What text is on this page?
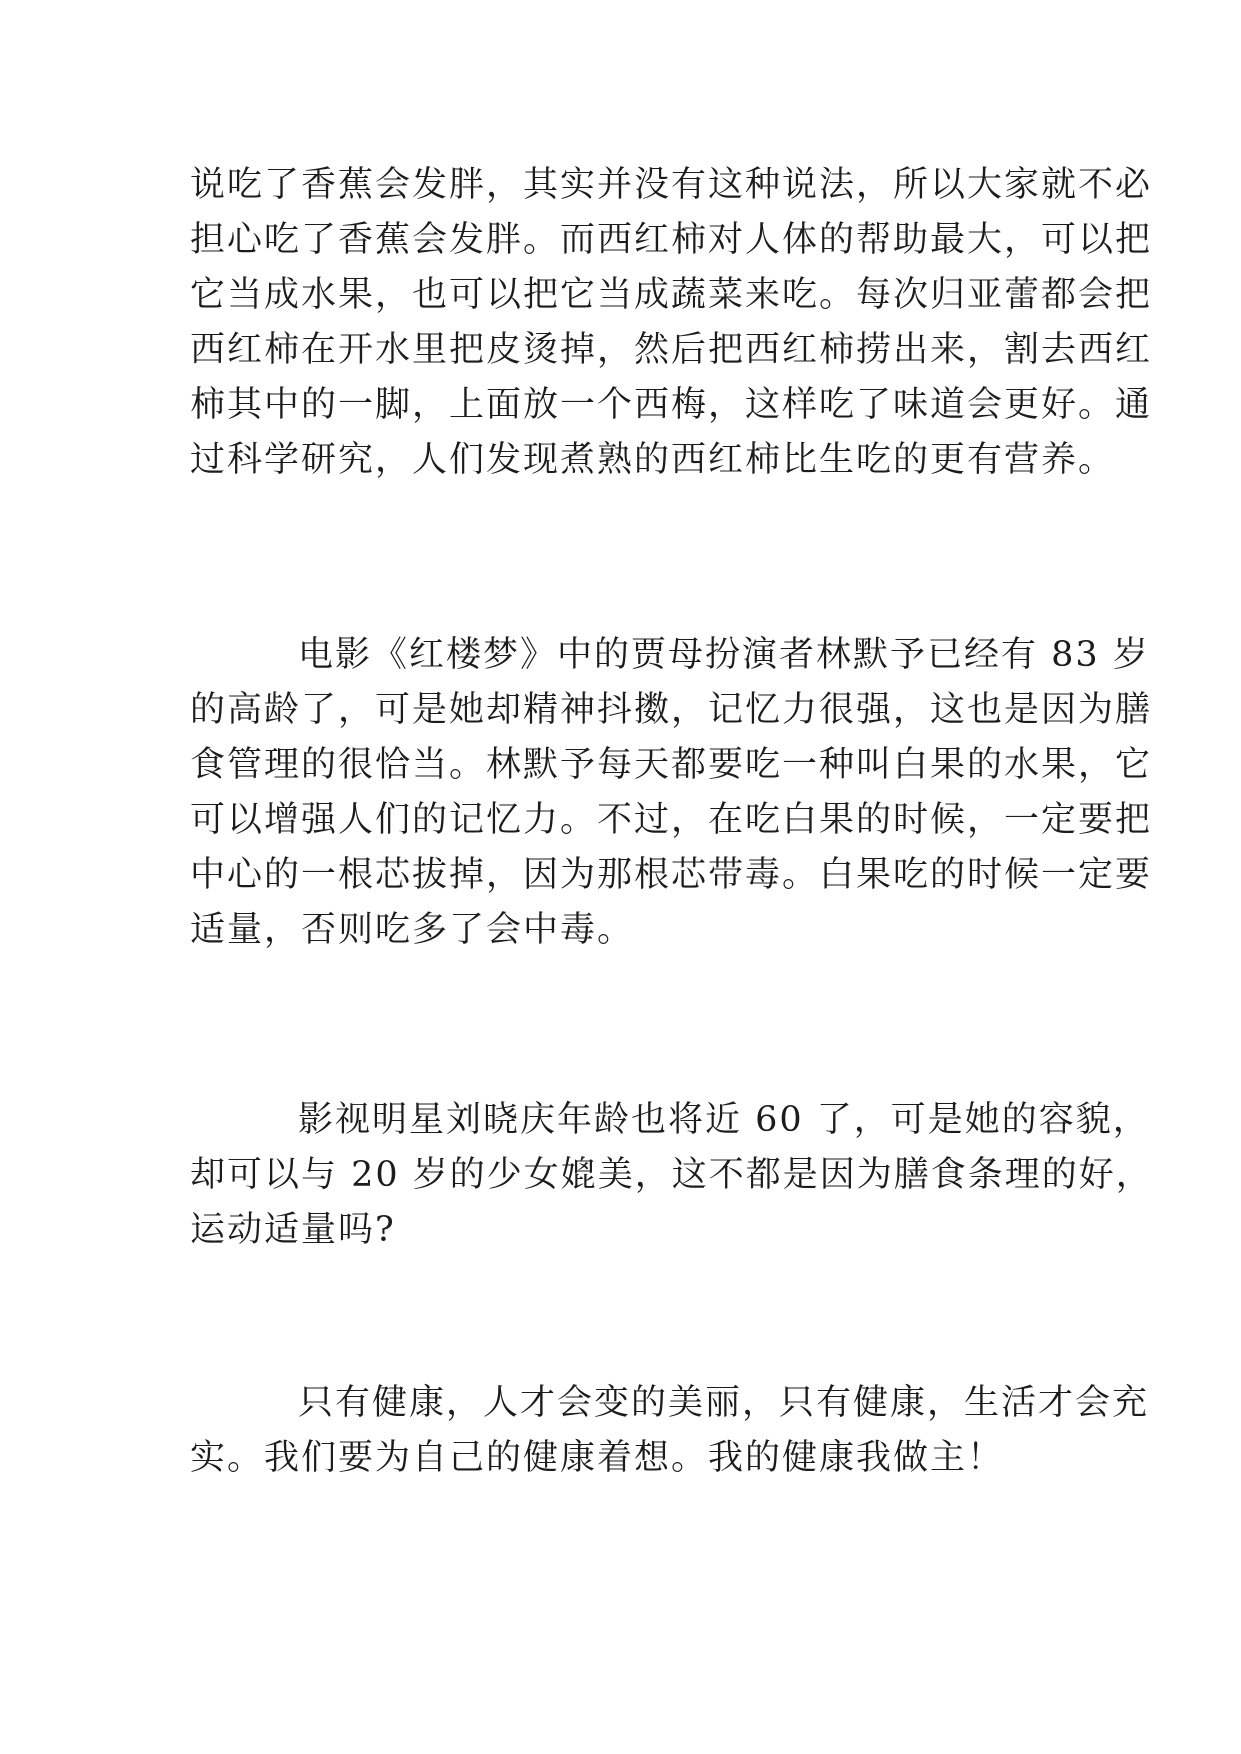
说吃了香蕉会发胖，其实并没有这种说法，所以大家就不必
担心吃了香蕉会发胖。而西红柿对人体的帮助最大，可以把
它当成水果，也可以把它当成蔬菜来吃。每次归亚蕾都会把
西红柿在开水里把皮烫掉，然后把西红柿捞出来，割去西红
柿其中的一脚，上面放一个西梅，这样吃了味道会更好。通
过科学研究，人们发现煮熟的西红柿比生吃的更有营养。
电影《红楼梦》中的贾母扮演者林默予已经有 83 岁
的高龄了，可是她却精神抖擞，记忆力很强，这也是因为膳
食管理的很恰当。林默予每天都要吃一种叫白果的水果，它
可以增强人们的记忆力。不过，在吃白果的时候，一定要把
中心的一根芯拔掉，因为那根芯带毒。白果吃的时候一定要
适量，否则吃多了会中毒。
影视明星刘晓庆年龄也将近 60 了，可是她的容貌，
却可以与 20 岁的少女媲美，这不都是因为膳食条理的好，
运动适量吗?
只有健康，人才会变的美丽，只有健康，生活才会充
实。我们要为自己的健康着想。我的健康我做主！
